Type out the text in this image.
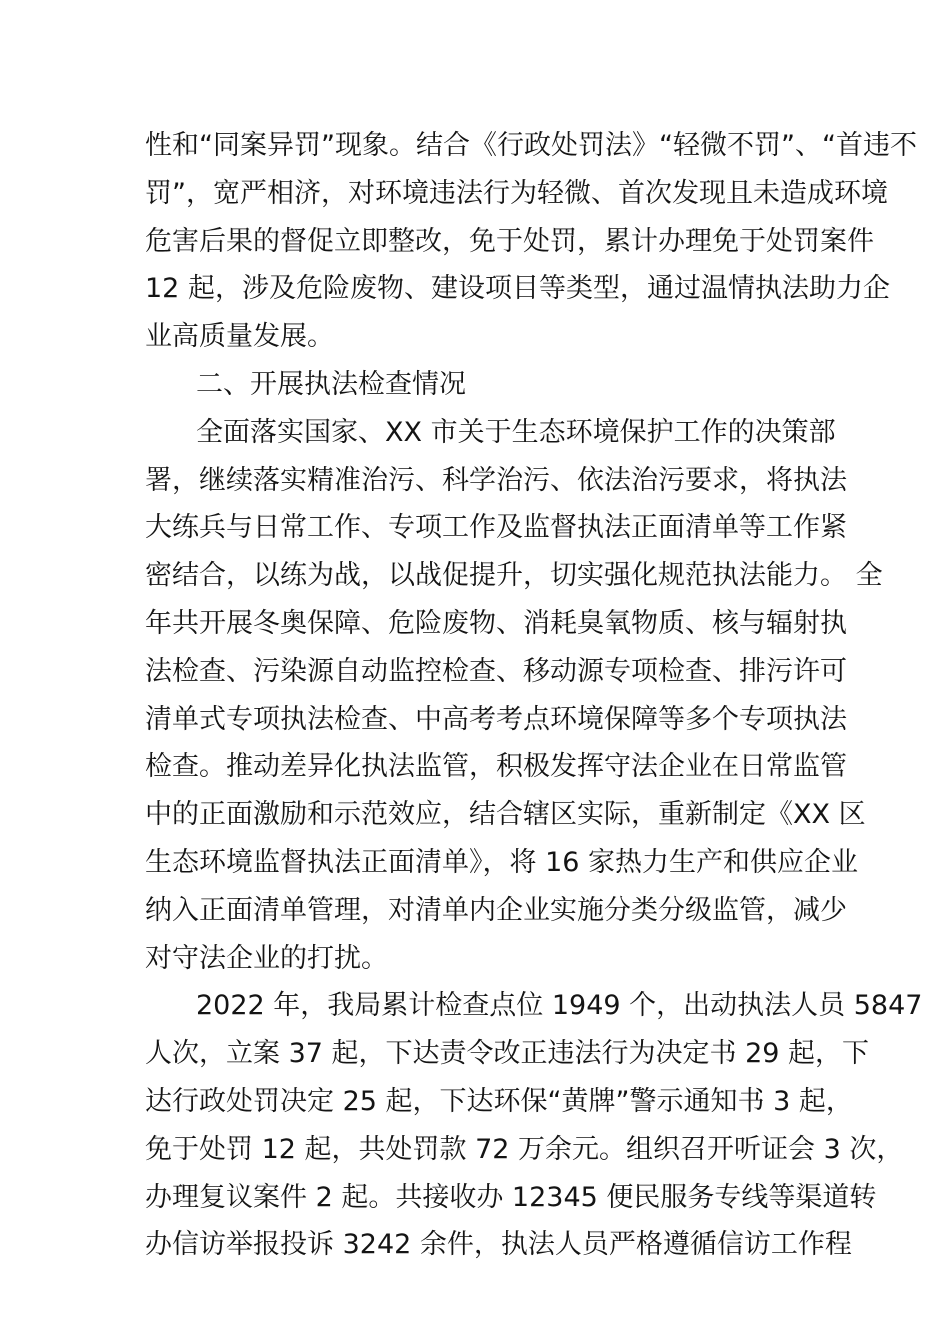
性和“同案异罚”现象。结合《行政处罚法》“轻微不罚”、“首违不
罚”，宽严相济，对环境违法行为轻微、首次发现且未造成环境
危害后果的督促立即整改，免于处罚，累计办理免于处罚案件
12 起，涉及危险废物、建设项目等类型，通过温情执法助力企
业高质量发展。
二、开展执法检查情况
全面落实国家、XX 市关于生态环境保护工作的决策部
署，继续落实精准治污、科学治污、依法治污要求，将执法
大练兵与日常工作、专项工作及监督执法正面清单等工作紧
密结合，以练为战，以战促提升，切实强化规范执法能力。 全
年共开展冬奥保障、危险废物、消耗臭氧物质、核与辐射执
法检查、污染源自动监控检查、移动源专项检查、排污许可
清单式专项执法检查、中高考考点环境保障等多个专项执法
检查。推动差异化执法监管，积极发挥守法企业在日常监管
中的正面激励和示范效应，结合辖区实际，重新制定《XX 区
生态环境监督执法正面清单》，将 16 家热力生产和供应企业
纳入正面清单管理，对清单内企业实施分类分级监管，减少
对守法企业的打扰。
2022 年，我局累计检查点位 1949 个，出动执法人员 5847
人次，立案 37 起，下达责令改正违法行为决定书 29 起，下
达行政处罚决定 25 起，下达环保“黄牌”警示通知书 3 起，
免于处罚 12 起，共处罚款 72 万余元。组织召开听证会 3 次，
办理复议案件 2 起。共接收办 12345 便民服务专线等渠道转
办信访举报投诉 3242 余件，执法人员严格遵循信访工作程
